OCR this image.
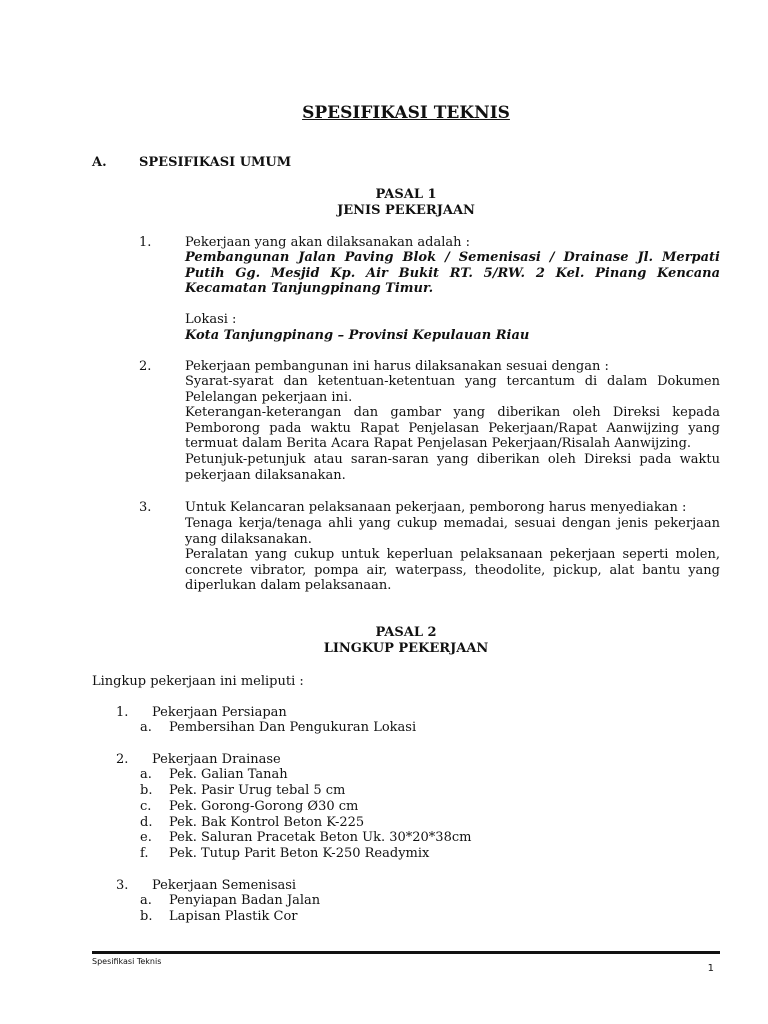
SPESIFIKASI TEKNIS
A. SPESIFIKASI UMUM
PASAL 1
JENIS PEKERJAAN
1.	Pekerjaan yang akan dilaksanakan adalah :
Pembangunan Jalan Paving Blok / Semenisasi / Drainase Jl. Merpati Putih Gg. Mesjid Kp. Air Bukit RT. 5/RW. 2 Kel. Pinang Kencana Kecamatan Tanjungpinang Timur.
Lokasi :
Kota Tanjungpinang – Provinsi Kepulauan Riau
2.	Pekerjaan pembangunan ini harus dilaksanakan sesuai dengan :
Syarat-syarat dan ketentuan-ketentuan yang tercantum di dalam Dokumen Pelelangan pekerjaan ini.
Keterangan-keterangan dan gambar yang diberikan oleh Direksi kepada Pemborong pada waktu Rapat Penjelasan Pekerjaan/Rapat Aanwijzing yang termuat dalam Berita Acara Rapat Penjelasan Pekerjaan/Risalah Aanwijzing.
Petunjuk-petunjuk atau saran-saran yang diberikan oleh Direksi pada waktu pekerjaan dilaksanakan.
3.	Untuk Kelancaran pelaksanaan pekerjaan, pemborong harus menyediakan :
Tenaga kerja/tenaga ahli yang cukup memadai, sesuai dengan jenis pekerjaan yang dilaksanakan.
Peralatan yang cukup untuk keperluan pelaksanaan pekerjaan seperti molen, concrete vibrator, pompa air, waterpass, theodolite, pickup, alat bantu yang diperlukan dalam pelaksanaan.
PASAL 2
LINGKUP PEKERJAAN
Lingkup pekerjaan ini meliputi :
1. Pekerjaan Persiapan
a. Pembersihan Dan Pengukuran Lokasi
2. Pekerjaan Drainase
a. Pek. Galian Tanah
b. Pek. Pasir Urug tebal 5 cm
c. Pek. Gorong-Gorong Ø30 cm
d. Pek. Bak Kontrol Beton K-225
e. Pek. Saluran Pracetak Beton Uk. 30*20*38cm
f. Pek. Tutup Parit Beton K-250 Readymix
3. Pekerjaan Semenisasi
a. Penyiapan Badan Jalan
b. Lapisan Plastik Cor
Spesifikasi Teknis
1
